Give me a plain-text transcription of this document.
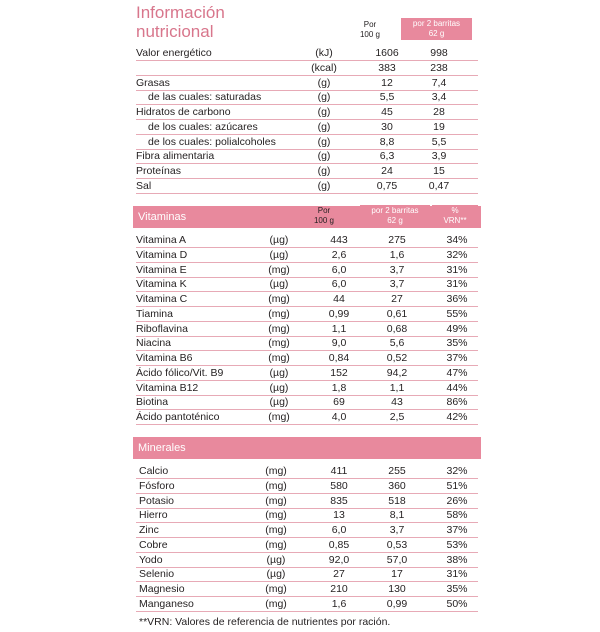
Información
nutricional	Por
100 g
por 2 barritas
62 g
Valor energético	(kJ)	1606	998
(kcal)	383	238
Grasas	(g)	12	7,4
de las cuales: saturadas	(g)	5,5	3,4
Hidratos de carbono	(g)	45	28
de los cuales: azúcares	(g)	30	19
de los cuales: polialcoholes	(g)	8,8	5,5
Fibra alimentaria	(g)	6,3	3,9
Proteínas	(g)	24	15
Sal	(g)	0,75	0,47
Vitaminas
Por
100 g
por 2 barritas
62 g
%
VRN**
Vitamina A	(µg)	443	275	34%
Vitamina D	(µg)	2,6	1,6	32%
Vitamina E	(mg)	6,0	3,7	31%
Vitamina K	(µg)	6,0	3,7	31%
Vitamina C	(mg)	44	27	36%
Tiamina	(mg)	0,99	0,61	55%
Riboflavina	(mg)	1,1	0,68	49%
Niacina	(mg)	9,0	5,6	35%
Vitamina B6	(mg)	0,84	0,52	37%
Ácido fólico/Vit. B9	(µg)	152	94,2	47%
Vitamina B12	(µg)	1,8	1,1	44%
Biotina	(µg)	69	43	86%
Ácido pantoténico	(mg)	4,0	2,5	42%
Minerales
Calcio	(mg)	411	255	32%
Fósforo	(mg)	580	360	51%
Potasio	(mg)	835	518	26%
Hierro	(mg)	13	8,1	58%
Zinc	(mg)	6,0	3,7	37%
Cobre	(mg)	0,85	0,53	53%
Yodo	(µg)	92,0	57,0	38%
Selenio	(µg)	27	17	31%
Magnesio	(mg)	210	130	35%
Manganeso	(mg)	1,6	0,99	50%
**VRN: Valores de referencia de nutrientes por ración.
